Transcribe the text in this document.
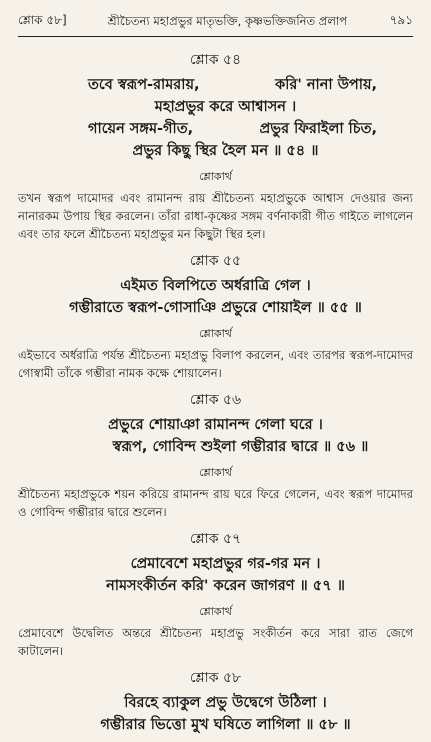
শ্লোক ৫৮]	শ্রীচৈতন্য মহাপ্রভুর মাতৃভক্তি, কৃষ্ণভক্তিজনিত প্রলাপ	৭৯১
শ্লোক ৫৪
তবে স্বরূপ-রামরায়,	করি' নানা উপায়,
মহাপ্রভুর করে আশ্বাসন ।
গায়েন সঙ্গম-গীত,	প্রভুর ফিরাইলা চিত,
প্রভুর কিছু স্থির হৈল মন ॥ ৫৪ ॥
শ্লোকার্থ

তখন স্বরূপ দামোদর এবং রামানন্দ রায় শ্রীচৈতন্য মহাপ্রভুকে আশ্বাস দেওয়ার জন্য নানারকম উপায় স্থির করলেন। তাঁরা রাধা-কৃষ্ণের সঙ্গম বর্ণনাকারী গীত গাইতে লাগলেন এবং তার ফলে শ্রীচৈতন্য মহাপ্রভুর মন কিছুটা স্থির হল।

শ্লোক ৫৫
এইমত বিলপিতে অর্ধরাত্রি গেল ।
গম্ভীরাতে স্বরূপ-গোসাঞি প্রভুরে শোয়াইল ॥ ৫৫ ॥
শ্লোকার্থ

এইভাবে অর্ধরাত্রি পর্যন্ত শ্রীচৈতন্য মহাপ্রভু বিলাপ করলেন, এবং তারপর স্বরূপ-দামোদর গোস্বামী তাঁকে গম্ভীরা নামক কক্ষে শোয়ালেন।

শ্লোক ৫৬
প্রভুরে শোয়াঞা রামানন্দ গেলা ঘরে ।
স্বরূপ, গোবিন্দ শুইলা গম্ভীরার দ্বারে ॥ ৫৬ ॥
শ্লোকার্থ

শ্রীচৈতন্য মহাপ্রভুকে শয়ন করিয়ে রামানন্দ রায় ঘরে ফিরে গেলেন, এবং স্বরূপ দামোদর ও গোবিন্দ গম্ভীরার দ্বারে শুলেন।

শ্লোক ৫৭
প্রেমাবেশে মহাপ্রভুর গর-গর মন ।
নামসংকীর্তন করি' করেন জাগরণ ॥ ৫৭ ॥
শ্লোকার্থ

প্রেমাবেশে উদ্বেলিত অন্তরে শ্রীচৈতন্য মহাপ্রভু সংকীর্তন করে সারা রাত জেগে কাটালেন।

শ্লোক ৫৮
বিরহে ব্যাকুল প্রভু উদ্বেগে উঠিলা ।
গম্ভীরার ভিত্তো মুখ ঘষিতে লাগিলা ॥ ৫৮ ॥
